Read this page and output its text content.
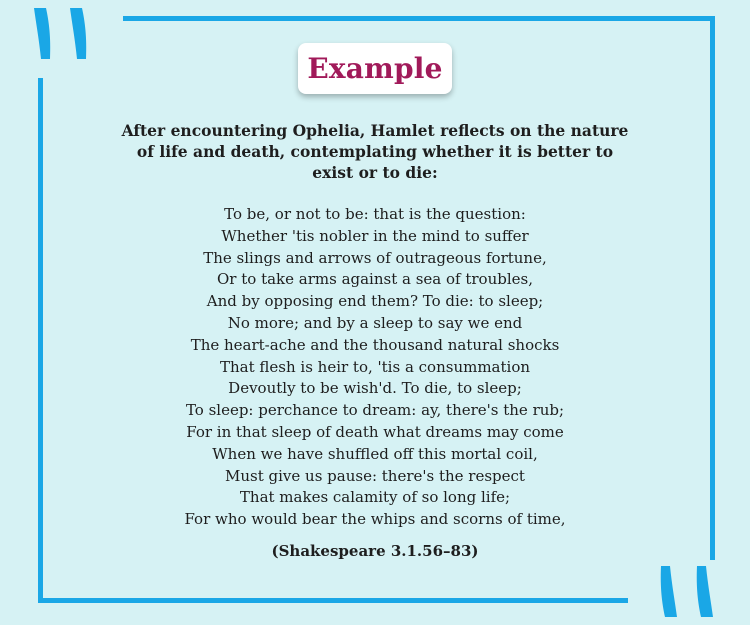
Example
After encountering Ophelia, Hamlet reflects on the nature of life and death, contemplating whether it is better to exist or to die:
To be, or not to be: that is the question:
Whether 'tis nobler in the mind to suffer
The slings and arrows of outrageous fortune,
Or to take arms against a sea of troubles,
And by opposing end them? To die: to sleep;
No more; and by a sleep to say we end
The heart-ache and the thousand natural shocks
That flesh is heir to, 'tis a consummation
Devoutly to be wish'd. To die, to sleep;
To sleep: perchance to dream: ay, there's the rub;
For in that sleep of death what dreams may come
When we have shuffled off this mortal coil,
Must give us pause: there's the respect
That makes calamity of so long life;
For who would bear the whips and scorns of time,
(Shakespeare 3.1.56–83)
